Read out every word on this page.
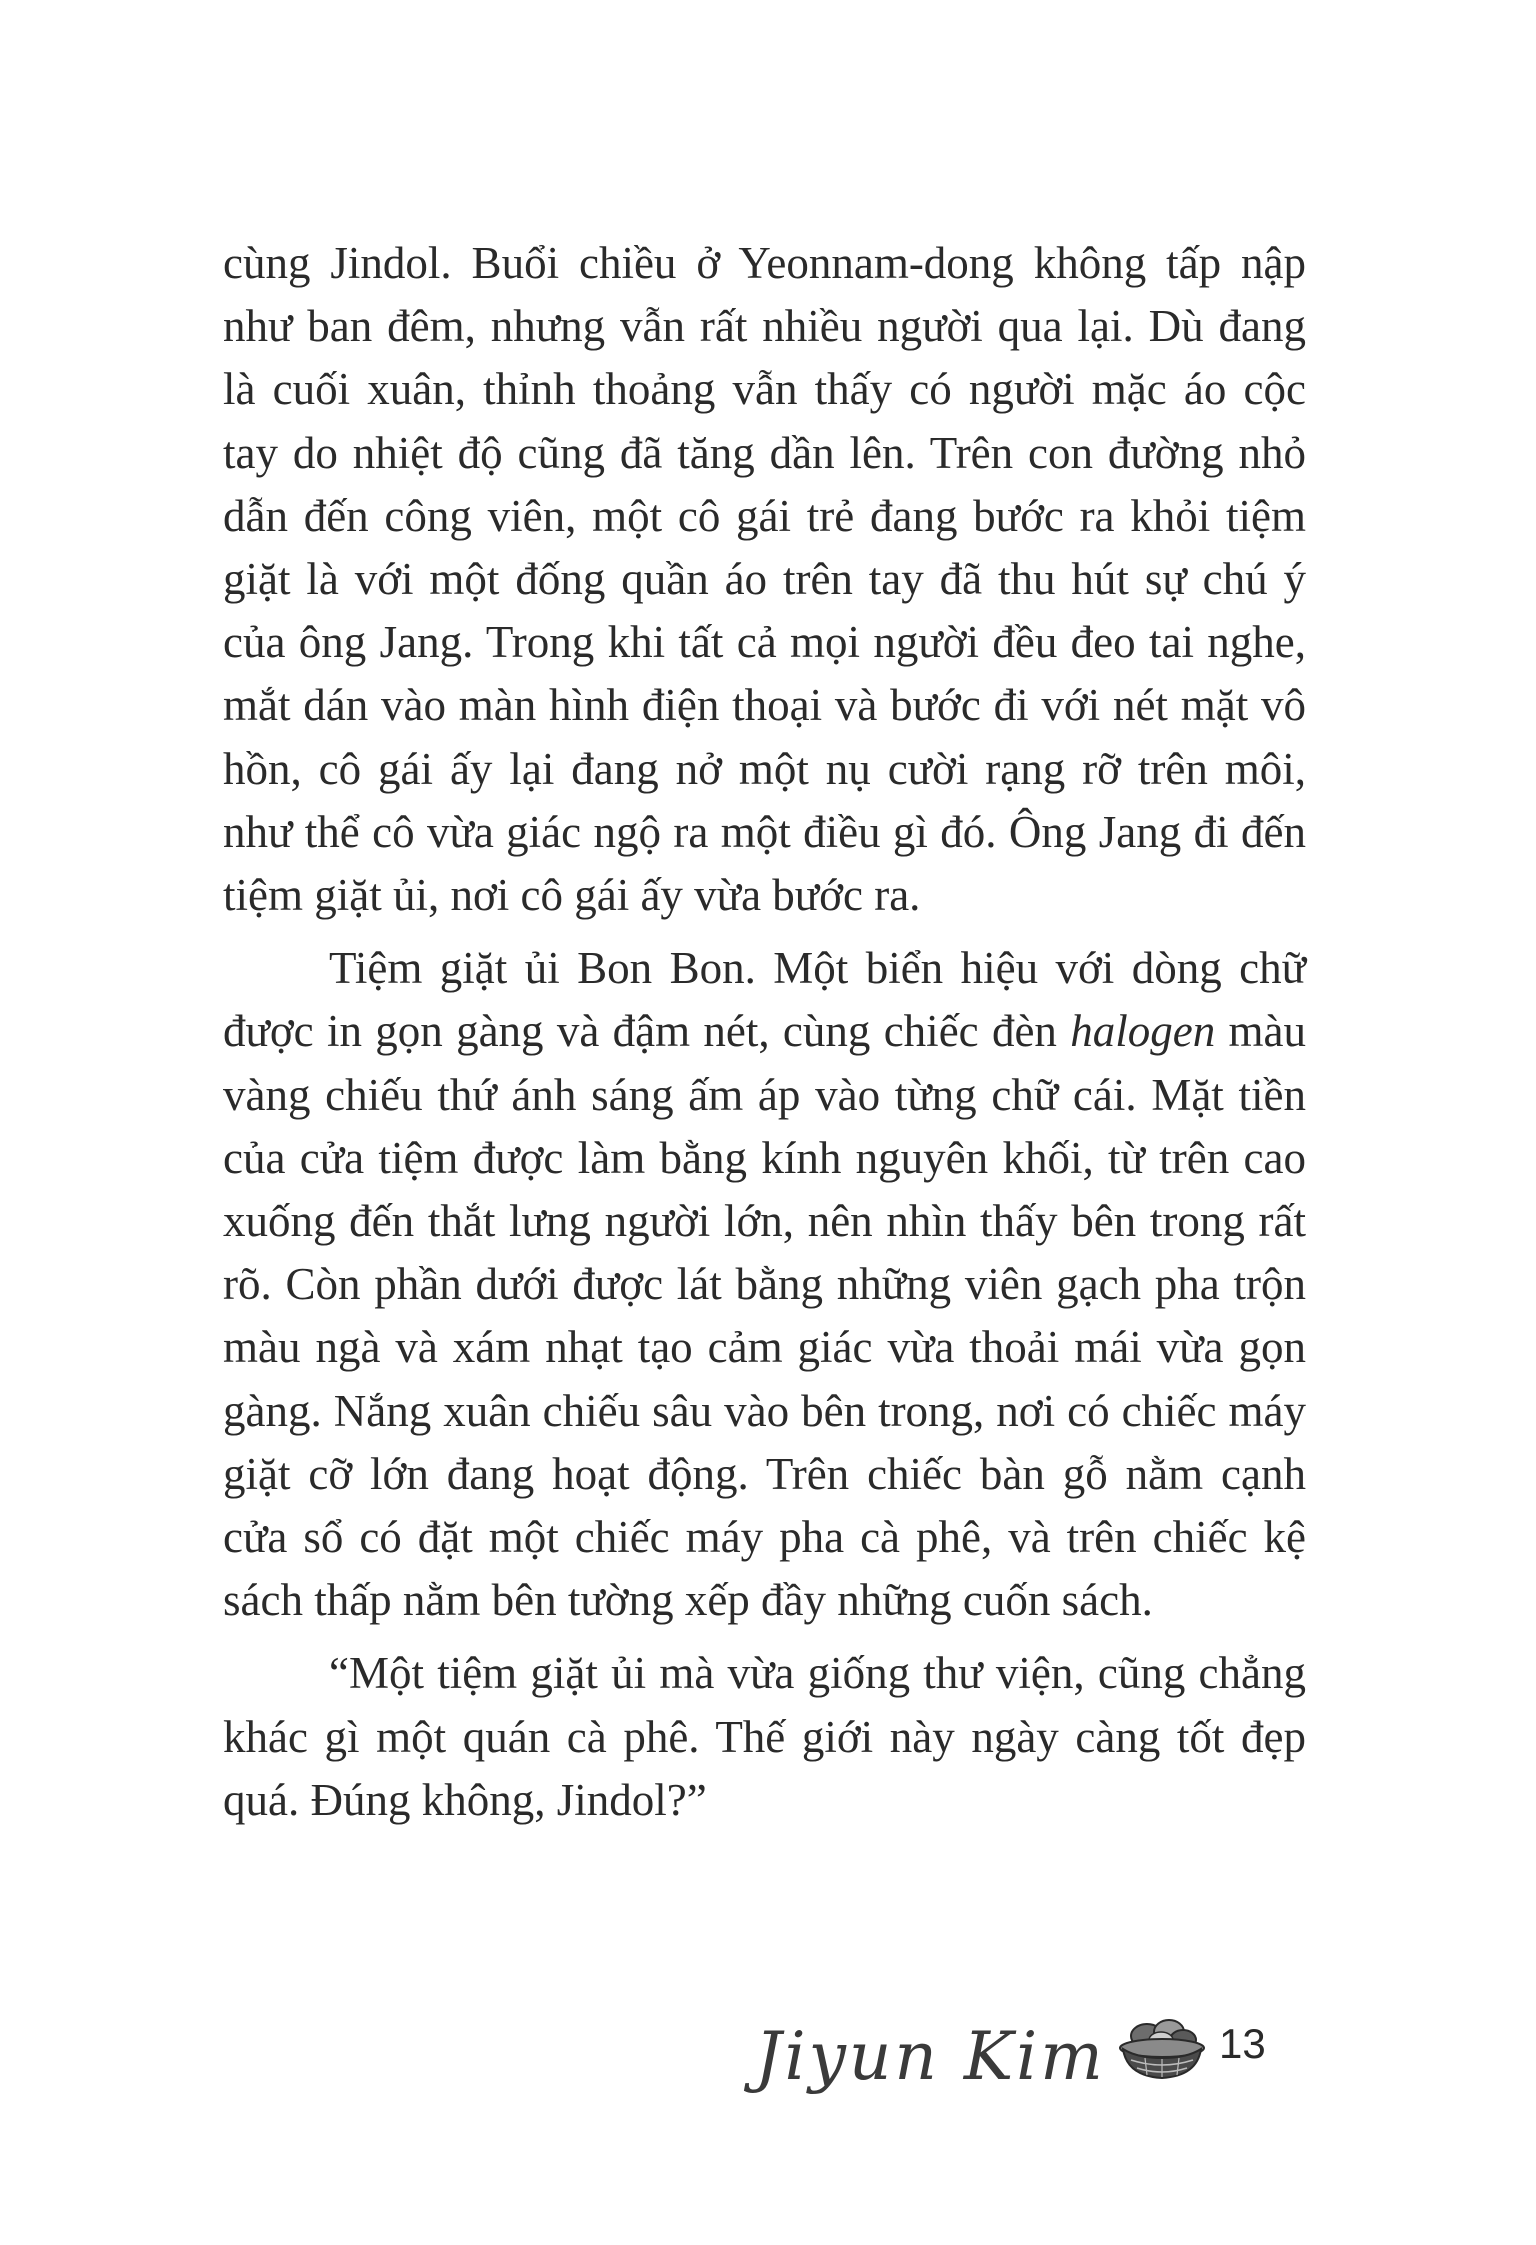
cùng Jindol. Buổi chiều ở Yeonnam-dong không tấp nập như ban đêm, nhưng vẫn rất nhiều người qua lại. Dù đang là cuối xuân, thỉnh thoảng vẫn thấy có người mặc áo cộc tay do nhiệt độ cũng đã tăng dần lên. Trên con đường nhỏ dẫn đến công viên, một cô gái trẻ đang bước ra khỏi tiệm giặt là với một đống quần áo trên tay đã thu hút sự chú ý của ông Jang. Trong khi tất cả mọi người đều đeo tai nghe, mắt dán vào màn hình điện thoại và bước đi với nét mặt vô hồn, cô gái ấy lại đang nở một nụ cười rạng rỡ trên môi, như thể cô vừa giác ngộ ra một điều gì đó. Ông Jang đi đến tiệm giặt ủi, nơi cô gái ấy vừa bước ra.

Tiệm giặt ủi Bon Bon. Một biển hiệu với dòng chữ được in gọn gàng và đậm nét, cùng chiếc đèn halogen màu vàng chiếu thứ ánh sáng ấm áp vào từng chữ cái. Mặt tiền của cửa tiệm được làm bằng kính nguyên khối, từ trên cao xuống đến thắt lưng người lớn, nên nhìn thấy bên trong rất rõ. Còn phần dưới được lát bằng những viên gạch pha trộn màu ngà và xám nhạt tạo cảm giác vừa thoải mái vừa gọn gàng. Nắng xuân chiếu sâu vào bên trong, nơi có chiếc máy giặt cỡ lớn đang hoạt động. Trên chiếc bàn gỗ nằm cạnh cửa sổ có đặt một chiếc máy pha cà phê, và trên chiếc kệ sách thấp nằm bên tường xếp đầy những cuốn sách.

“Một tiệm giặt ủi mà vừa giống thư viện, cũng chẳng khác gì một quán cà phê. Thế giới này ngày càng tốt đẹp quá. Đúng không, Jindol?”

Jiyun Kim	13
